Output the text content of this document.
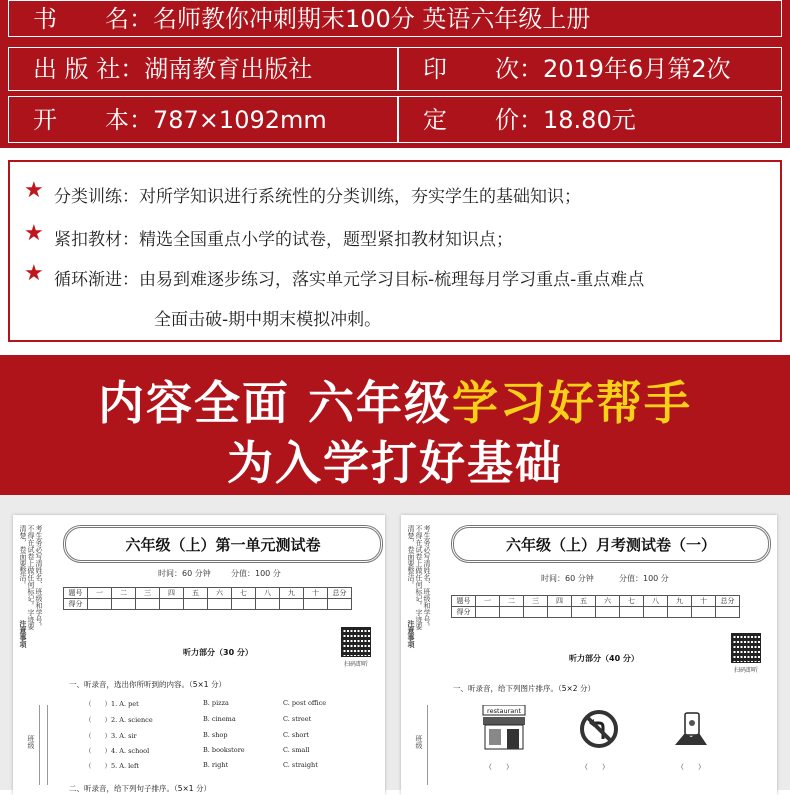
书　　名： 名师教你冲刺期末100分 英语六年级上册
出 版 社： 湖南教育出版社	印　　次： 2019年6月第2次
开　　本： 787×1092mm	定　　价： 18.80元
★ 分类训练：对所学知识进行系统性的分类训练，夯实学生的基础知识；
★ 紧扣教材：精选全国重点小学的试卷，题型紧扣教材知识点；
★ 循环渐进：由易到难逐步练习，落实单元学习目标-梳理每月学习重点-重点难点
全面击破-期中期末模拟冲刺。
内容全面 六年级学习好帮手
为入学打好基础
考生务必写清姓名、班级和学号。不得在试卷上做任何标记。字迹要清楚，卷面要整洁。
注意事项
班级
六年级（上）第一单元测试卷
时间：60 分钟	分值：100 分
题号	一	二	三	四	五	六	七	八	九	十	总分
得分											
扫码即听
听力部分（30 分）
一、听录音，选出你所听到的内容。（5×1 分）
（　　）1. A. pet	B. pizza	C. post office
（　　）2. A. science	B. cinema	C. street
（　　）3. A. sir	B. shop	C. short
（　　）4. A. school	B. bookstore	C. small
（　　）5. A. left	B. right	C. straight
二、听录音，给下列句子排序。（5×1 分）
考生务必写清姓名、班级和学号。不得在试卷上做任何标记。字迹要清楚，卷面要整洁。
注意事项
班级
六年级（上）月考测试卷（一）
时间：60 分钟	分值：100 分
题号	一	二	三	四	五	六	七	八	九	十	总分
得分											
扫码即听
听力部分（40 分）
一、听录音，给下列图片排序。（5×2 分）
restaurant
（　　）	（　　）	（　　）
